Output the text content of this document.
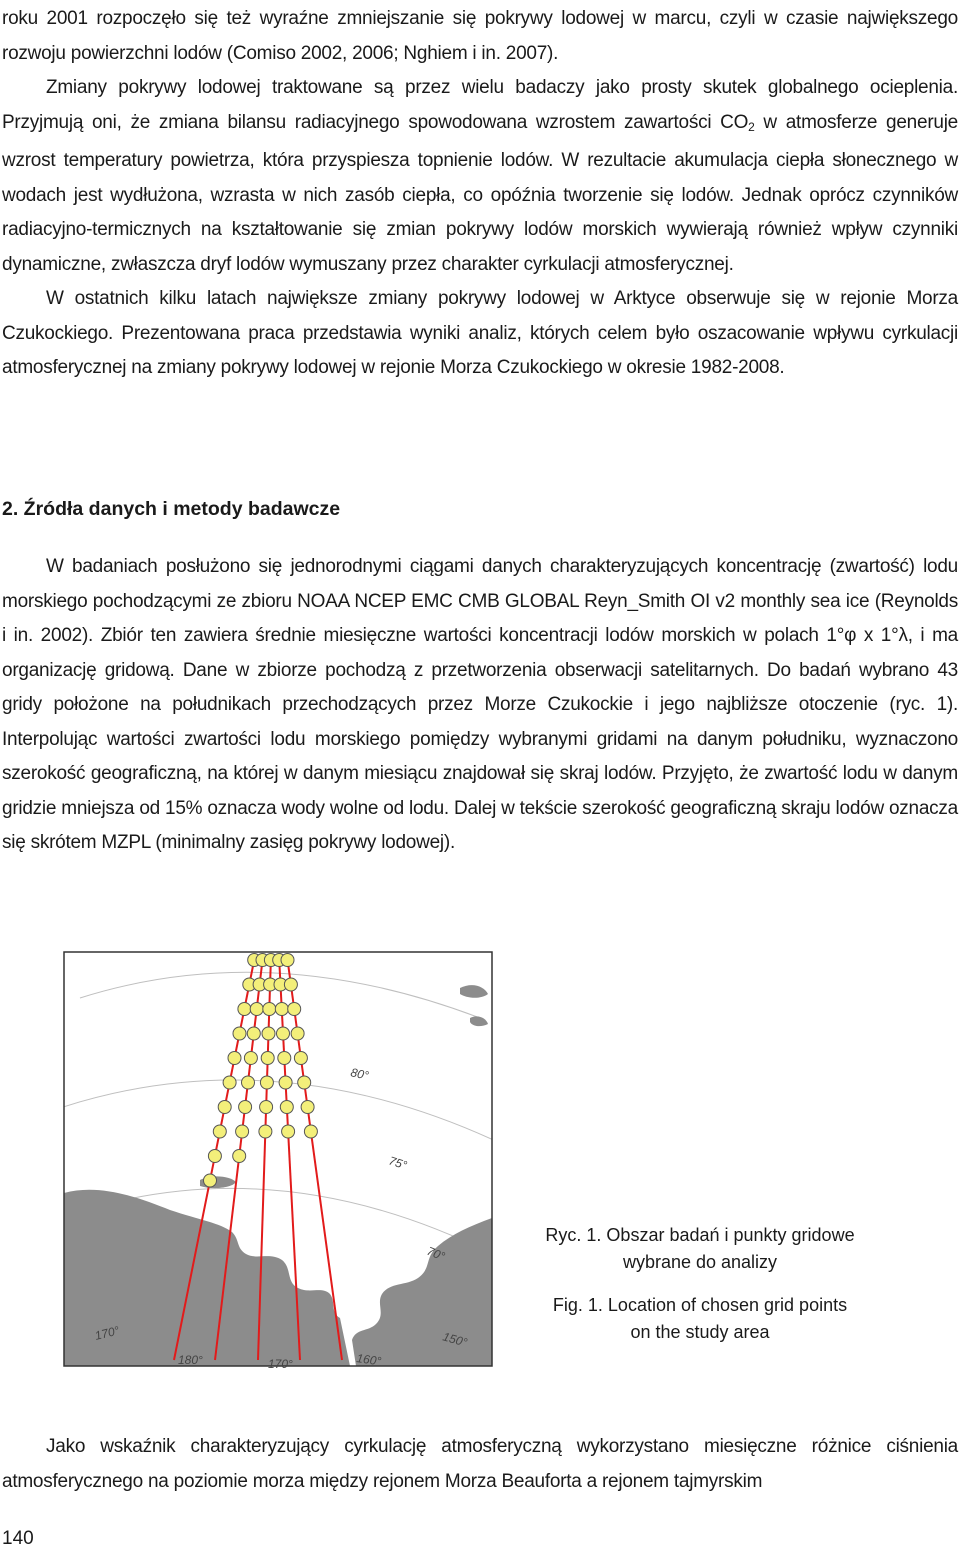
roku 2001 rozpoczęło się też wyraźne zmniejszanie się pokrywy lodowej w marcu, czyli w czasie największego rozwoju powierzchni lodów (Comiso 2002, 2006; Nghiem i in. 2007).

Zmiany pokrywy lodowej traktowane są przez wielu badaczy jako prosty skutek globalnego ocieplenia. Przyjmują oni, że zmiana bilansu radiacyjnego spowodowana wzrostem zawartości $CO_2$ w atmosferze generuje wzrost temperatury powietrza, która przyspiesza topnienie lodów. W rezultacie akumulacja ciepła słonecznego w wodach jest wydłużona, wzrasta w nich zasób ciepła, co opóźnia tworzenie się lodów. Jednak oprócz czynników radiacyjno-termicznych na kształtowanie się zmian pokrywy lodów morskich wywierają również wpływ czynniki dynamiczne, zwłaszcza dryf lodów wymuszany przez charakter cyrkulacji atmosferycznej.

W ostatnich kilku latach największe zmiany pokrywy lodowej w Arktyce obserwuje się w rejonie Morza Czukockiego. Prezentowana praca przedstawia wyniki analiz, których celem było oszacowanie wpływu cyrkulacji atmosferycznej na zmiany pokrywy lodowej w rejonie Morza Czukockiego w okresie 1982-2008.

2. Źródła danych i metody badawcze

W badaniach posłużono się jednorodnymi ciągami danych charakteryzujących koncentrację (zwartość) lodu morskiego pochodzącymi ze zbioru NOAA NCEP EMC CMB GLOBAL Reyn_Smith OI v2 monthly sea ice (Reynolds i in. 2002). Zbiór ten zawiera średnie miesięczne wartości koncentracji lodów morskich w polach 1°φ x 1°λ, i ma organizację gridową. Dane w zbiorze pochodzą z przetworzenia obserwacji satelitarnych. Do badań wybrano 43 gridy położone na południkach przechodzących przez Morze Czukockie i jego najbliższe otoczenie (ryc. 1). Interpolując wartości zwartości lodu morskiego pomiędzy wybranymi gridami na danym południku, wyznaczono szerokość geograficzną, na której w danym miesiącu znajdował się skraj lodów. Przyjęto, że zwartość lodu w danym gridzie mniejsza od 15% oznacza wody wolne od lodu. Dalej w tekście szerokość geograficzną skraju lodów oznacza się skrótem MZPL (minimalny zasięg pokrywy lodowej).

80°
75°
70°
170°
180°	170°	160°
150°

Ryc. 1. Obszar badań i punkty gridowe

wybrane do analizy

Fig. 1. Location of chosen grid points

on the study area

Jako wskaźnik charakteryzujący cyrkulację atmosferyczną wykorzystano miesięczne różnice ciśnienia atmosferycznego na poziomie morza między rejonem Morza Beauforta a rejonem tajmyrskim

140
